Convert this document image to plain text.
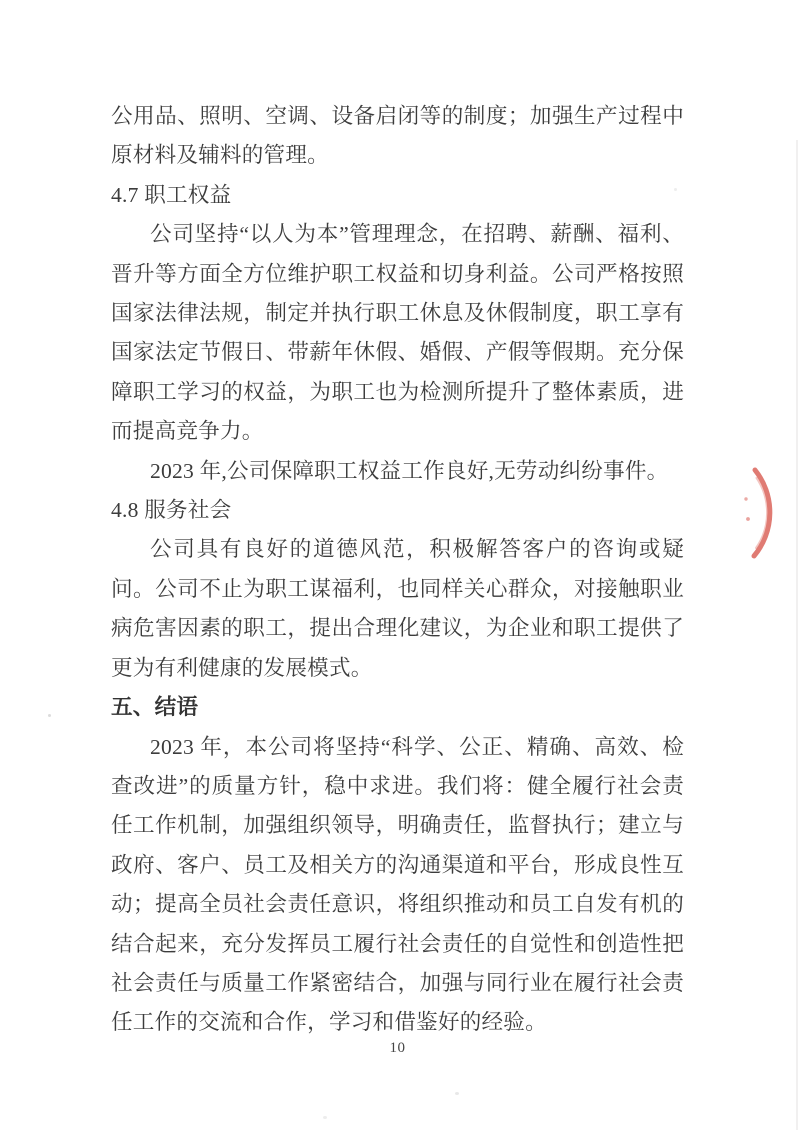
公用品、照明、空调、设备启闭等的制度；加强生产过程中
原材料及辅料的管理。
4.7 职工权益
公司坚持“以人为本”管理理念，在招聘、薪酬、福利、
晋升等方面全方位维护职工权益和切身利益。公司严格按照
国家法律法规，制定并执行职工休息及休假制度，职工享有
国家法定节假日、带薪年休假、婚假、产假等假期。充分保
障职工学习的权益，为职工也为检测所提升了整体素质，进
而提高竞争力。
2023 年,公司保障职工权益工作良好,无劳动纠纷事件。
4.8 服务社会
公司具有良好的道德风范，积极解答客户的咨询或疑
问。公司不止为职工谋福利，也同样关心群众，对接触职业
病危害因素的职工，提出合理化建议，为企业和职工提供了
更为有利健康的发展模式。
五、结语
2023 年，本公司将坚持“科学、公正、精确、高效、检
查改进”的质量方针，稳中求进。我们将：健全履行社会责
任工作机制，加强组织领导，明确责任，监督执行；建立与
政府、客户、员工及相关方的沟通渠道和平台，形成良性互
动；提高全员社会责任意识，将组织推动和员工自发有机的
结合起来，充分发挥员工履行社会责任的自觉性和创造性把
社会责任与质量工作紧密结合，加强与同行业在履行社会责
任工作的交流和合作，学习和借鉴好的经验。
10
